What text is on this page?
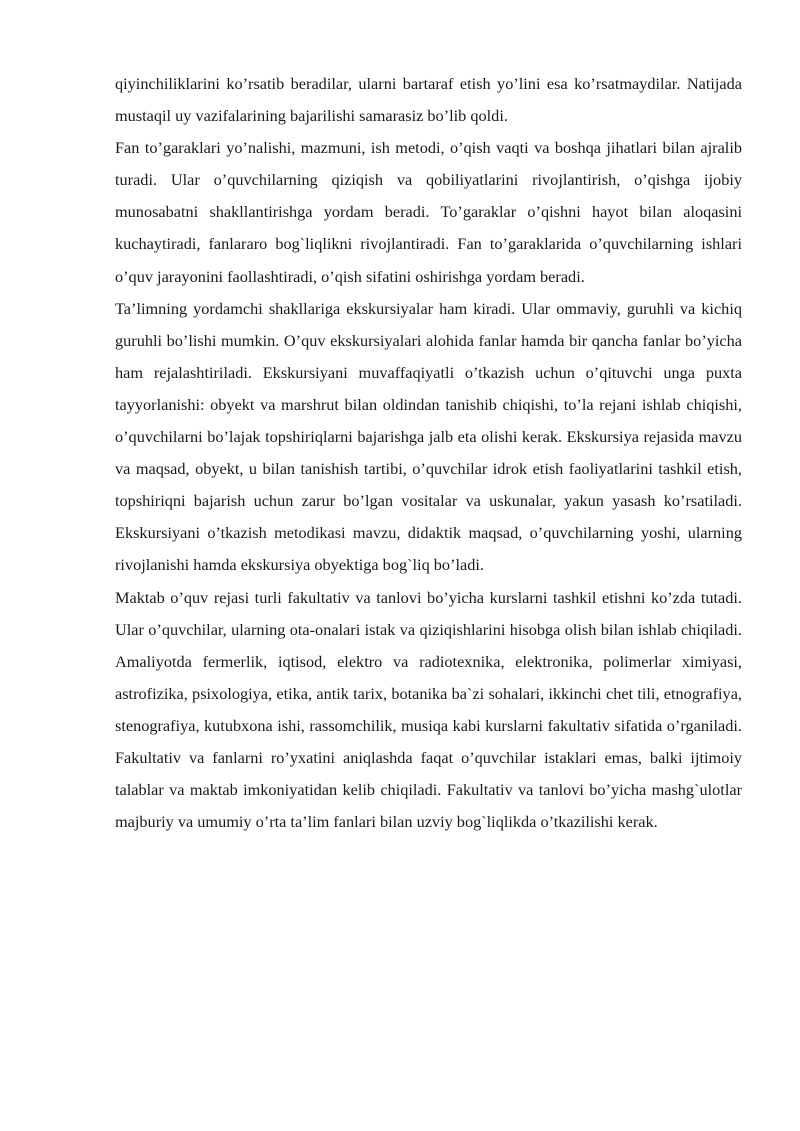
qiyinchiliklarini ko’rsatib beradilar, ularni bartaraf etish yo’lini esa ko’rsatmaydilar. Natijada mustaqil uy vazifalarining bajarilishi samarasiz bo’lib qoldi.

Fan to’garaklari yo’nalishi, mazmuni, ish metodi, o’qish vaqti va boshqa jihatlari bilan ajralib turadi. Ular o’quvchilarning qiziqish va qobiliyatlarini rivojlantirish, o’qishga ijobiy munosabatni shakllantirishga yordam beradi. To’garaklar o’qishni hayot bilan aloqasini kuchaytiradi, fanlararo bog`liqlikni rivojlantiradi. Fan to’garaklarida o’quvchilarning ishlari o’quv jarayonini faollashtiradi, o’qish sifatini oshirishga yordam beradi.

Ta’limning yordamchi shakllariga ekskursiyalar ham kiradi. Ular ommaviy, guruhli va kichiq guruhli bo’lishi mumkin. O’quv ekskursiyalari alohida fanlar hamda bir qancha fanlar bo’yicha ham rejalashtiriladi. Ekskursiyani muvaffaqiyatli o’tkazish uchun o’qituvchi unga puxta tayyorlanishi: obyekt va marshrut bilan oldindan tanishib chiqishi, to’la rejani ishlab chiqishi, o’quvchilarni bo’lajak topshiriqlarni bajarishga jalb eta olishi kerak. Ekskursiya rejasida mavzu va maqsad, obyekt, u bilan tanishish tartibi, o’quvchilar idrok etish faoliyatlarini tashkil etish, topshiriqni bajarish uchun zarur bo’lgan vositalar va uskunalar, yakun yasash ko’rsatiladi. Ekskursiyani o’tkazish metodikasi mavzu, didaktik maqsad, o’quvchilarning yoshi, ularning rivojlanishi hamda ekskursiya obyektiga bog`liq bo’ladi.

Maktab o’quv rejasi turli fakultativ va tanlovi bo’yicha kurslarni tashkil etishni ko’zda tutadi. Ular o’quvchilar, ularning ota-onalari istak va qiziqishlarini hisobga olish bilan ishlab chiqiladi. Amaliyotda fermerlik, iqtisod, elektro va radiotexnika, elektronika, polimerlar ximiyasi, astrofizika, psixologiya, etika, antik tarix, botanika ba`zi sohalari, ikkinchi chet tili, etnografiya, stenografiya, kutubxona ishi, rassomchilik, musiqa kabi kurslarni fakultativ sifatida o’rganiladi. Fakultativ va fanlarni ro’yxatini aniqlashda faqat o’quvchilar istaklari emas, balki ijtimoiy talablar va maktab imkoniyatidan kelib chiqiladi. Fakultativ va tanlovi bo’yicha mashg`ulotlar majburiy va umumiy o’rta ta’lim fanlari bilan uzviy bog`liqlikda o’tkazilishi kerak.
